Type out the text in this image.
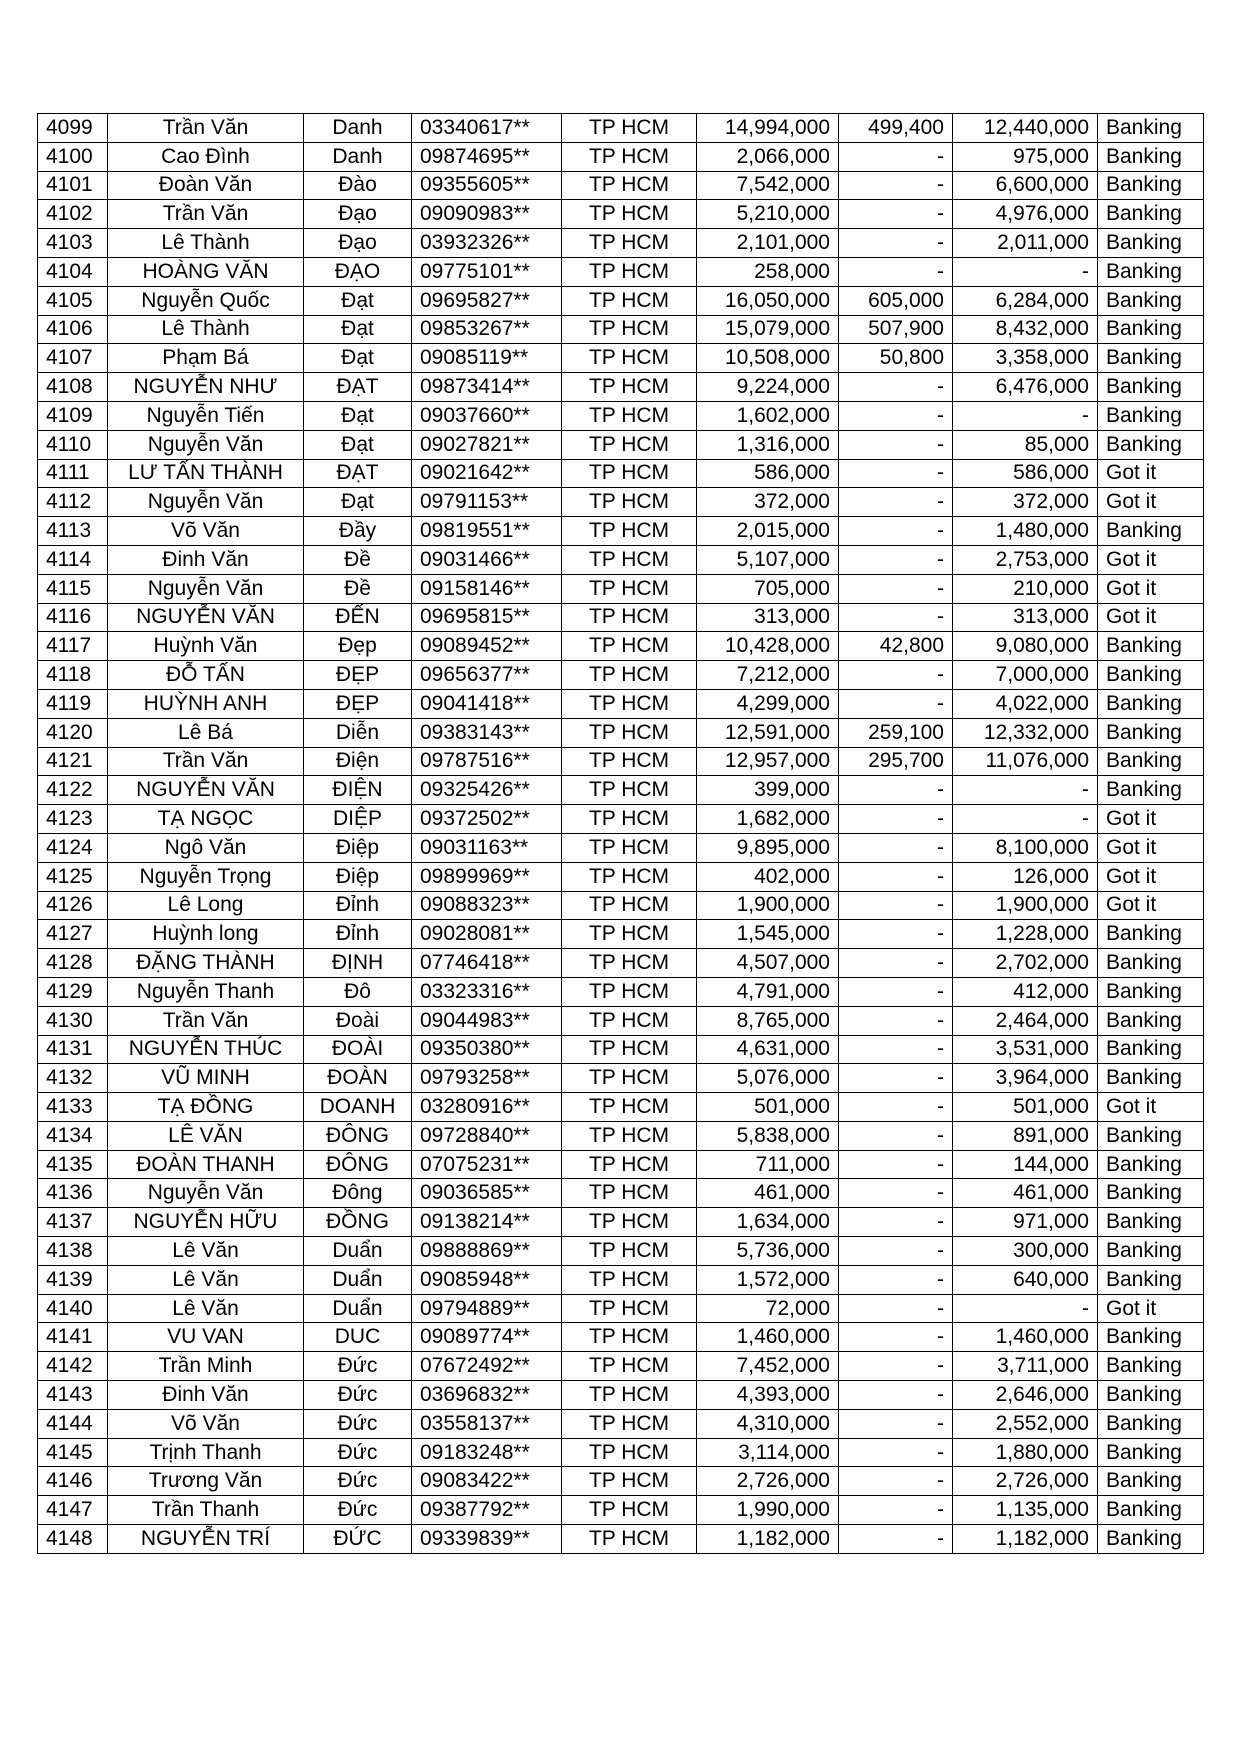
4099	Trần Văn	Danh	03340617**	TP HCM	14,994,000	499,400	12,440,000	Banking
4100	Cao Đình	Danh	09874695**	TP HCM	2,066,000	-	975,000	Banking
4101	Đoàn Văn	Đào	09355605**	TP HCM	7,542,000	-	6,600,000	Banking
4102	Trần Văn	Đạo	09090983**	TP HCM	5,210,000	-	4,976,000	Banking
4103	Lê Thành	Đạo	03932326**	TP HCM	2,101,000	-	2,011,000	Banking
4104	HOÀNG VĂN	ĐẠO	09775101**	TP HCM	258,000	-	-	Banking
4105	Nguyễn Quốc	Đạt	09695827**	TP HCM	16,050,000	605,000	6,284,000	Banking
4106	Lê Thành	Đạt	09853267**	TP HCM	15,079,000	507,900	8,432,000	Banking
4107	Phạm Bá	Đạt	09085119**	TP HCM	10,508,000	50,800	3,358,000	Banking
4108	NGUYỄN NHƯ	ĐẠT	09873414**	TP HCM	9,224,000	-	6,476,000	Banking
4109	Nguyễn Tiến	Đạt	09037660**	TP HCM	1,602,000	-	-	Banking
4110	Nguyễn Văn	Đạt	09027821**	TP HCM	1,316,000	-	85,000	Banking
4111	LƯ TẤN THÀNH	ĐẠT	09021642**	TP HCM	586,000	-	586,000	Got it
4112	Nguyễn Văn	Đạt	09791153**	TP HCM	372,000	-	372,000	Got it
4113	Võ Văn	Đầy	09819551**	TP HCM	2,015,000	-	1,480,000	Banking
4114	Đinh Văn	Đề	09031466**	TP HCM	5,107,000	-	2,753,000	Got it
4115	Nguyễn Văn	Đề	09158146**	TP HCM	705,000	-	210,000	Got it
4116	NGUYỄN VĂN	ĐẾN	09695815**	TP HCM	313,000	-	313,000	Got it
4117	Huỳnh Văn	Đẹp	09089452**	TP HCM	10,428,000	42,800	9,080,000	Banking
4118	ĐỖ TẤN	ĐẸP	09656377**	TP HCM	7,212,000	-	7,000,000	Banking
4119	HUỲNH ANH	ĐẸP	09041418**	TP HCM	4,299,000	-	4,022,000	Banking
4120	Lê Bá	Diễn	09383143**	TP HCM	12,591,000	259,100	12,332,000	Banking
4121	Trần Văn	Điện	09787516**	TP HCM	12,957,000	295,700	11,076,000	Banking
4122	NGUYỄN VĂN	ĐIỆN	09325426**	TP HCM	399,000	-	-	Banking
4123	TẠ NGỌC	DIỆP	09372502**	TP HCM	1,682,000	-	-	Got it
4124	Ngô Văn	Điệp	09031163**	TP HCM	9,895,000	-	8,100,000	Got it
4125	Nguyễn Trọng	Điệp	09899969**	TP HCM	402,000	-	126,000	Got it
4126	Lê Long	Đỉnh	09088323**	TP HCM	1,900,000	-	1,900,000	Got it
4127	Huỳnh long	Đỉnh	09028081**	TP HCM	1,545,000	-	1,228,000	Banking
4128	ĐẶNG THÀNH	ĐỊNH	07746418**	TP HCM	4,507,000	-	2,702,000	Banking
4129	Nguyễn Thanh	Đô	03323316**	TP HCM	4,791,000	-	412,000	Banking
4130	Trần Văn	Đoài	09044983**	TP HCM	8,765,000	-	2,464,000	Banking
4131	NGUYỄN THÚC	ĐOÀI	09350380**	TP HCM	4,631,000	-	3,531,000	Banking
4132	VŨ MINH	ĐOÀN	09793258**	TP HCM	5,076,000	-	3,964,000	Banking
4133	TẠ ĐỒNG	DOANH	03280916**	TP HCM	501,000	-	501,000	Got it
4134	LÊ VĂN	ĐÔNG	09728840**	TP HCM	5,838,000	-	891,000	Banking
4135	ĐOÀN THANH	ĐÔNG	07075231**	TP HCM	711,000	-	144,000	Banking
4136	Nguyễn Văn	Đông	09036585**	TP HCM	461,000	-	461,000	Banking
4137	NGUYỄN HỮU	ĐỒNG	09138214**	TP HCM	1,634,000	-	971,000	Banking
4138	Lê Văn	Duẩn	09888869**	TP HCM	5,736,000	-	300,000	Banking
4139	Lê Văn	Duẩn	09085948**	TP HCM	1,572,000	-	640,000	Banking
4140	Lê Văn	Duẩn	09794889**	TP HCM	72,000	-	-	Got it
4141	VU VAN	DUC	09089774**	TP HCM	1,460,000	-	1,460,000	Banking
4142	Trần Minh	Đức	07672492**	TP HCM	7,452,000	-	3,711,000	Banking
4143	Đinh Văn	Đức	03696832**	TP HCM	4,393,000	-	2,646,000	Banking
4144	Võ Văn	Đức	03558137**	TP HCM	4,310,000	-	2,552,000	Banking
4145	Trịnh Thanh	Đức	09183248**	TP HCM	3,114,000	-	1,880,000	Banking
4146	Trương Văn	Đức	09083422**	TP HCM	2,726,000	-	2,726,000	Banking
4147	Trần Thanh	Đức	09387792**	TP HCM	1,990,000	-	1,135,000	Banking
4148	NGUYỄN TRÍ	ĐỨC	09339839**	TP HCM	1,182,000	-	1,182,000	Banking
